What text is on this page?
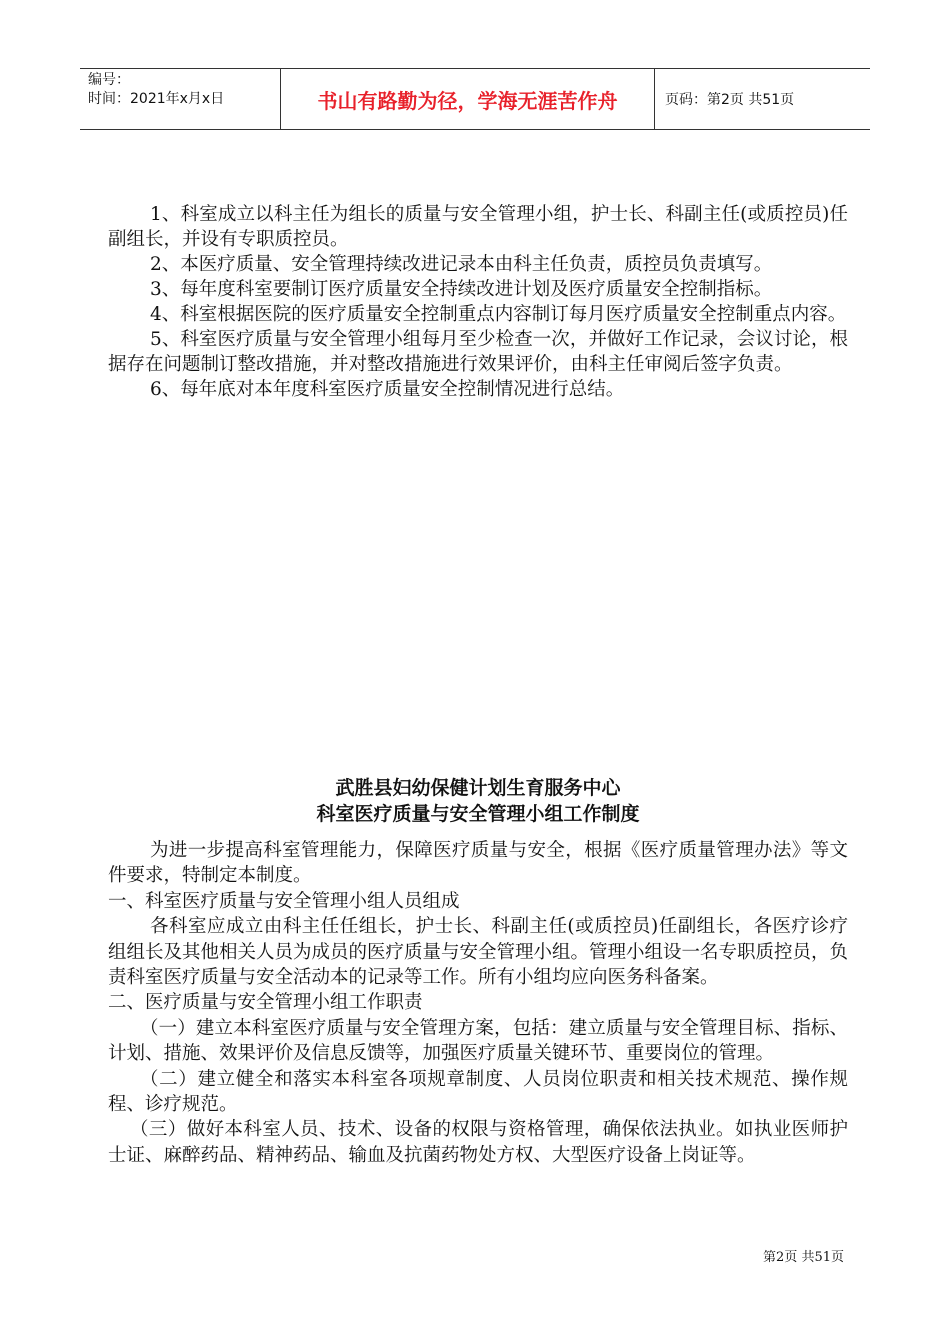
编号：
时间：2021年x月x日	书山有路勤为径，学海无涯苦作舟	页码：第2页 共51页

1、科室成立以科主任为组长的质量与安全管理小组，护士长、科副主任(或质控员)任副组长，并设有专职质控员。

2、本医疗质量、安全管理持续改进记录本由科主任负责，质控员负责填写。

3、每年度科室要制订医疗质量安全持续改进计划及医疗质量安全控制指标。

4、科室根据医院的医疗质量安全控制重点内容制订每月医疗质量安全控制重点内容。

5、科室医疗质量与安全管理小组每月至少检查一次，并做好工作记录，会议讨论，根据存在问题制订整改措施，并对整改措施进行效果评价，由科主任审阅后签字负责。

6、每年底对本年度科室医疗质量安全控制情况进行总结。

武胜县妇幼保健计划生育服务中心
科室医疗质量与安全管理小组工作制度

为进一步提高科室管理能力，保障医疗质量与安全，根据《医疗质量管理办法》等文件要求，特制定本制度。

一、科室医疗质量与安全管理小组人员组成

各科室应成立由科主任任组长，护士长、科副主任(或质控员)任副组长，各医疗诊疗组组长及其他相关人员为成员的医疗质量与安全管理小组。管理小组设一名专职质控员，负责科室医疗质量与安全活动本的记录等工作。所有小组均应向医务科备案。

二、医疗质量与安全管理小组工作职责

（一）建立本科室医疗质量与安全管理方案，包括：建立质量与安全管理目标、指标、计划、措施、效果评价及信息反馈等，加强医疗质量关键环节、重要岗位的管理。

（二）建立健全和落实本科室各项规章制度、人员岗位职责和相关技术规范、操作规程、诊疗规范。

（三）做好本科室人员、技术、设备的权限与资格管理，确保依法执业。如执业医师护士证、麻醉药品、精神药品、输血及抗菌药物处方权、大型医疗设备上岗证等。

第2页 共51页
